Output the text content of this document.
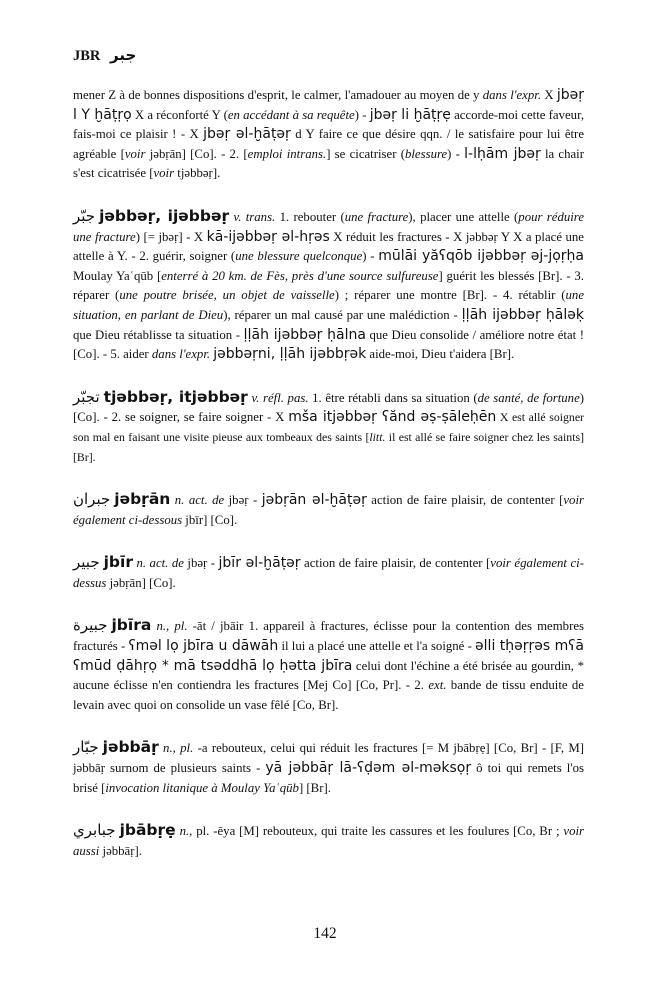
JBR جبر

mener Z à de bonnes dispositions d'esprit, le calmer, l'amadouer au moyen de y dans l'expr. X jbəṛ l Y ḫāṭṛọ X a réconforté Y (en accédant à sa requête) - jbəṛ li ḫāṭṛẹ accorde-moi cette faveur, fais-moi ce plaisir ! - X jbəṛ əl-ḫāṭəṛ d Y faire ce que désire qqn. / le satisfaire pour lui être agréable [voir jəbṛān] [Co]. - 2. [emploi intrans.] se cicatriser (blessure) - l-lḥām jbəṛ la chair s'est cicatrisée [voir tjəbbəṛ].

جبّر jəbbəṛ, ijəbbəṛ v. trans. 1. rebouter (une fracture), placer une attelle (pour réduire une fracture) [= jbəṛ] - X kā-ijəbbəṛ əl-hṛəs X réduit les fractures - X jəbbəṛ Y X a placé une attelle à Y. - 2. guérir, soigner (une blessure quelconque) - mūlāi yăʕqōb ijəbbəṛ əj-jọṛḥa Moulay Yaʿqūb [enterré à 20 km. de Fès, près d'une source sulfureuse] guérit les blessés [Br]. - 3. réparer (une poutre brisée, un objet de vaisselle) ; réparer une montre [Br]. - 4. rétablir (une situation, en parlant de Dieu), réparer un mal causé par une malédiction - ḷḷāh ijəbbəṛ ḥāləḳ que Dieu rétablisse ta situation - ḷḷāh ijəbbəṛ ḥālna que Dieu consolide / améliore notre état ! [Co]. - 5. aider dans l'expr. jəbbəṛni, ḷḷāh ijəbbṛək aide-moi, Dieu t'aidera [Br].

تجبّر tjəbbəṛ, itjəbbəṛ v. réfl. pas. 1. être rétabli dans sa situation (de santé, de fortune) [Co]. - 2. se soigner, se faire soigner - X mša itjəbbəṛ ʕănd əṣ-ṣāleḥēn X est allé soigner son mal en faisant une visite pieuse aux tombeaux des saints [litt. il est allé se faire soigner chez les saints] [Br].

جبران jəbṛān n. act. de jbəṛ - jəbṛān əl-ḫāṭəṛ action de faire plaisir, de contenter [voir également ci-dessous jbīr] [Co].

جبير jbīr n. act. de jbəṛ - jbīr əl-ḫāṭəṛ action de faire plaisir, de contenter [voir également ci-dessus jəbṛān] [Co].

جبيرة jbīra n., pl. -āt / jbāir 1. appareil à fractures, éclisse pour la contention des membres fracturés - ʕməl lọ jbīra u dāwāh il lui a placé une attelle et l'a soigné - əlli tḥəṛṛəs mʕā ʕmūd ḍāhṛọ * mā tsəddhā lọ ḥətta jbīra celui dont l'échine a été brisée au gourdin, * aucune éclisse n'en contiendra les fractures [Mej Co] [Co, Pr]. - 2. ext. bande de tissu enduite de levain avec quoi on consolide un vase fêlé [Co, Br].

جبّار jəbbāṛ n., pl. -a rebouteux, celui qui réduit les fractures [= M jbābṛẹ] [Co, Br] - [F, M] jəbbāṛ surnom de plusieurs saints - yā jəbbāṛ lā-ʕḍəm əl-məksọṛ ô toi qui remets l'os brisé [invocation litanique à Moulay Yaʿqūb] [Br].

جبابري jbābṛẹ n., pl. -ēya [M] rebouteux, qui traite les cassures et les foulures [Co, Br ; voir aussi jəbbāṛ].

142
